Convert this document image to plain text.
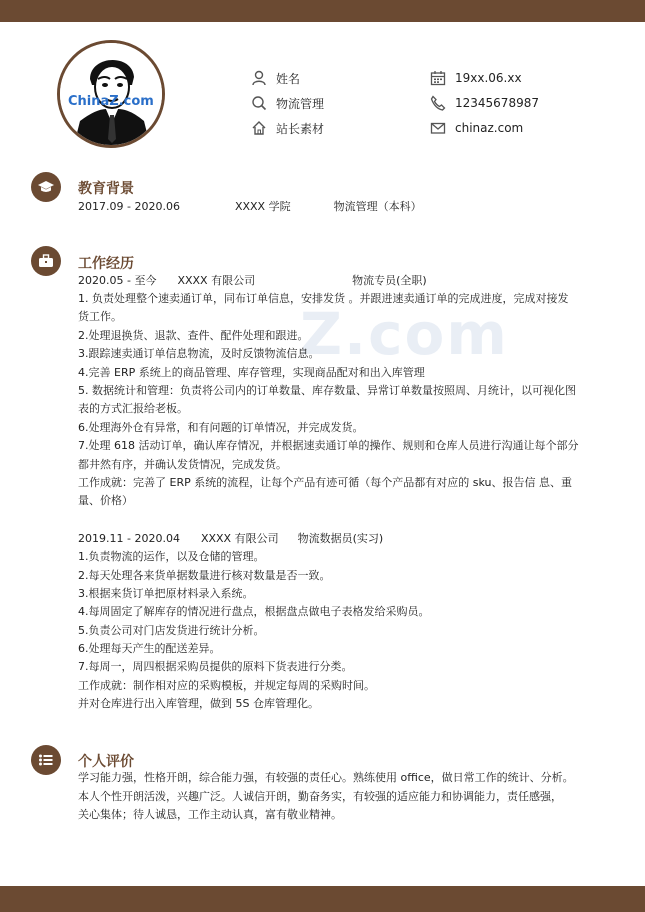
Z.com
ChinaZ.com
姓名
物流管理
站长素材
19xx.06.xx
12345678987
chinaz.com
教育背景
2017.09 - 2020.06	XXXX 学院	物流管理（本科）
工作经历
2020.05 - 至今 XXXX 有限公司	物流专员(全职)
1. 负责处理整个速卖通订单，同布订单信息，安排发货 。并跟进速卖通订单的完成进度，完成对接发
货工作。
2.处理退换货、退款、查件、配件处理和跟进。
3.跟踪速卖通订单信息物流，及时反馈物流信息。
4.完善 ERP 系统上的商品管理、库存管理，实现商品配对和出入库管理
5. 数据统计和管理：负责将公司内的订单数量、库存数量、异常订单数量按照周、月统计，以可视化图
表的方式汇报给老板。
6.处理海外仓有异常，和有问题的订单情况，并完成发货。
7.处理 618 活动订单，确认库存情况，并根据速卖通订单的操作、规则和仓库人员进行沟通让每个部分
都井然有序，并确认发货情况，完成发货。
工作成就：完善了 ERP 系统的流程，让每个产品有迹可循（每个产品都有对应的 sku、报告信 息、重
量、价格）
2019.11 - 2020.04 XXXX 有限公司 物流数据员(实习)
1.负责物流的运作，以及仓储的管理。
2.每天处理各来货单据数量进行核对数量是否一致。
3.根据来货订单把原材料录入系统。
4.每周固定了解库存的情况进行盘点，根据盘点做电子表格发给采购员。
5.负责公司对门店发货进行统计分析。
6.处理每天产生的配送差异。
7.每周一，周四根据采购员提供的原料下货表进行分类。
工作成就：制作相对应的采购模板，并规定每周的采购时间。
并对仓库进行出入库管理，做到 5S 仓库管理化。
个人评价
学习能力强，性格开朗，综合能力强，有较强的责任心。熟练使用 office，做日常工作的统计、分析。
本人个性开朗活泼，兴趣广泛。人诚信开朗，勤奋务实，有较强的适应能力和协调能力，责任感强，
关心集体；待人诚恳，工作主动认真，富有敬业精神。
